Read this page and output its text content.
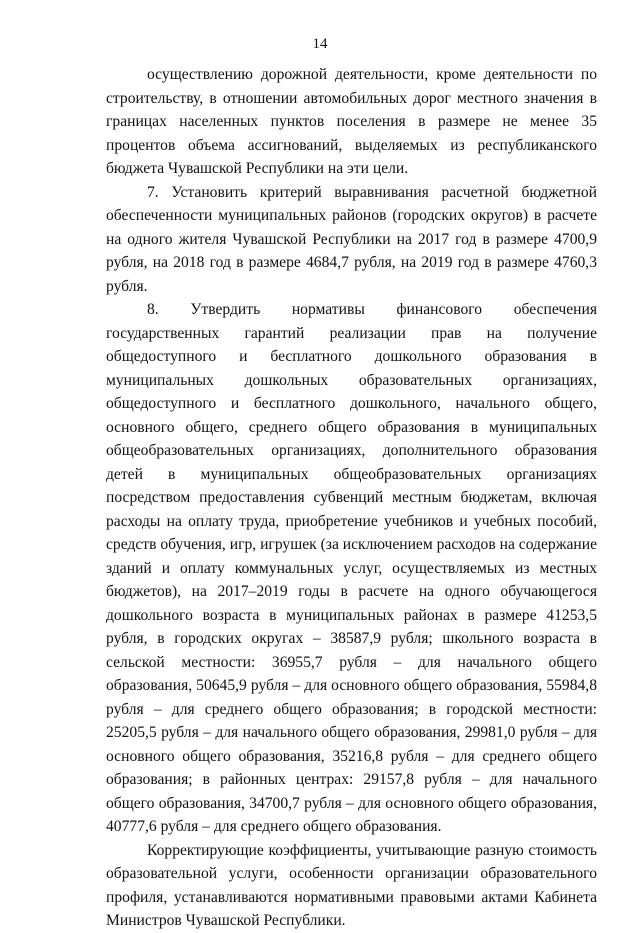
14

осуществлению дорожной деятельности, кроме деятельности по строительству, в отношении автомобильных дорог местного значения в границах населенных пунктов поселения в размере не менее 35 процентов объема ассигнований, выделяемых из республиканского бюджета Чувашской Республики на эти цели.

7. Установить критерий выравнивания расчетной бюджетной обеспеченности муниципальных районов (городских округов) в расчете на одного жителя Чувашской Республики на 2017 год в размере 4700,9 рубля, на 2018 год в размере 4684,7 рубля, на 2019 год в размере 4760,3 рубля.

8. Утвердить нормативы финансового обеспечения государственных гарантий реализации прав на получение общедоступного и бесплатного дошкольного образования в муниципальных дошкольных образовательных организациях, общедоступного и бесплатного дошкольного, начального общего, основного общего, среднего общего образования в муниципальных общеобразовательных организациях, дополнительного образования детей в муниципальных общеобразовательных организациях посредством предоставления субвенций местным бюджетам, включая расходы на оплату труда, приобретение учебников и учебных пособий, средств обучения, игр, игрушек (за исключением расходов на содержание зданий и оплату коммунальных услуг, осуществляемых из местных бюджетов), на 2017–2019 годы в расчете на одного обучающегося дошкольного возраста в муниципальных районах в размере 41253,5 рубля, в городских округах – 38587,9 рубля; школьного возраста в сельской местности: 36955,7 рубля – для начального общего образования, 50645,9 рубля – для основного общего образования, 55984,8 рубля – для среднего общего образования; в городской местности: 25205,5 рубля – для начального общего образования, 29981,0 рубля – для основного общего образования, 35216,8 рубля – для среднего общего образования; в районных центрах: 29157,8 рубля – для начального общего образования, 34700,7 рубля – для основного общего образования, 40777,6 рубля – для среднего общего образования.

Корректирующие коэффициенты, учитывающие разную стоимость образовательной услуги, особенности организации образовательного профиля, устанавливаются нормативными правовыми актами Кабинета Министров Чувашской Республики.
